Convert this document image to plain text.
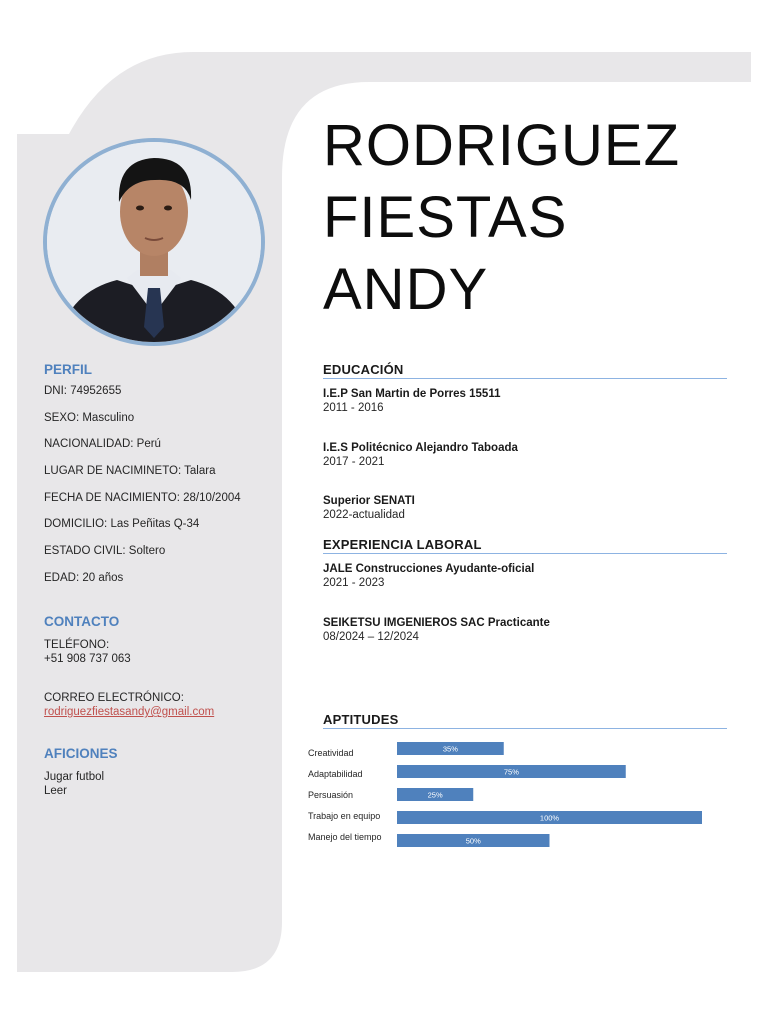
RODRIGUEZ
FIESTAS
ANDY
PERFIL
DNI: 74952655
SEXO: Masculino
NACIONALIDAD: Perú
LUGAR DE NACIMINETO: Talara
FECHA DE NACIMIENTO: 28/10/2004
DOMICILIO: Las Peñitas Q-34
ESTADO CIVIL: Soltero
EDAD: 20 años
CONTACTO
TELÉFONO:
+51 908 737 063
CORREO ELECTRÓNICO:
rodriguezfiestasandy@gmail.com
AFICIONES
Jugar futbol
Leer
EDUCACIÓN
I.E.P San Martin de Porres 15511
2011 - 2016
I.E.S Politécnico Alejandro Taboada
2017 - 2021
Superior SENATI
2022-actualidad
EXPERIENCIA LABORAL
JALE Construcciones Ayudante-oficial
2021 - 2023
SEIKETSU IMGENIEROS SAC Practicante
08/2024 – 12/2024
APTITUDES
Creatividad	35%
Adaptabilidad	75%
Persuasión	25%
Trabajo en equipo	100%
Manejo del tiempo	50%
